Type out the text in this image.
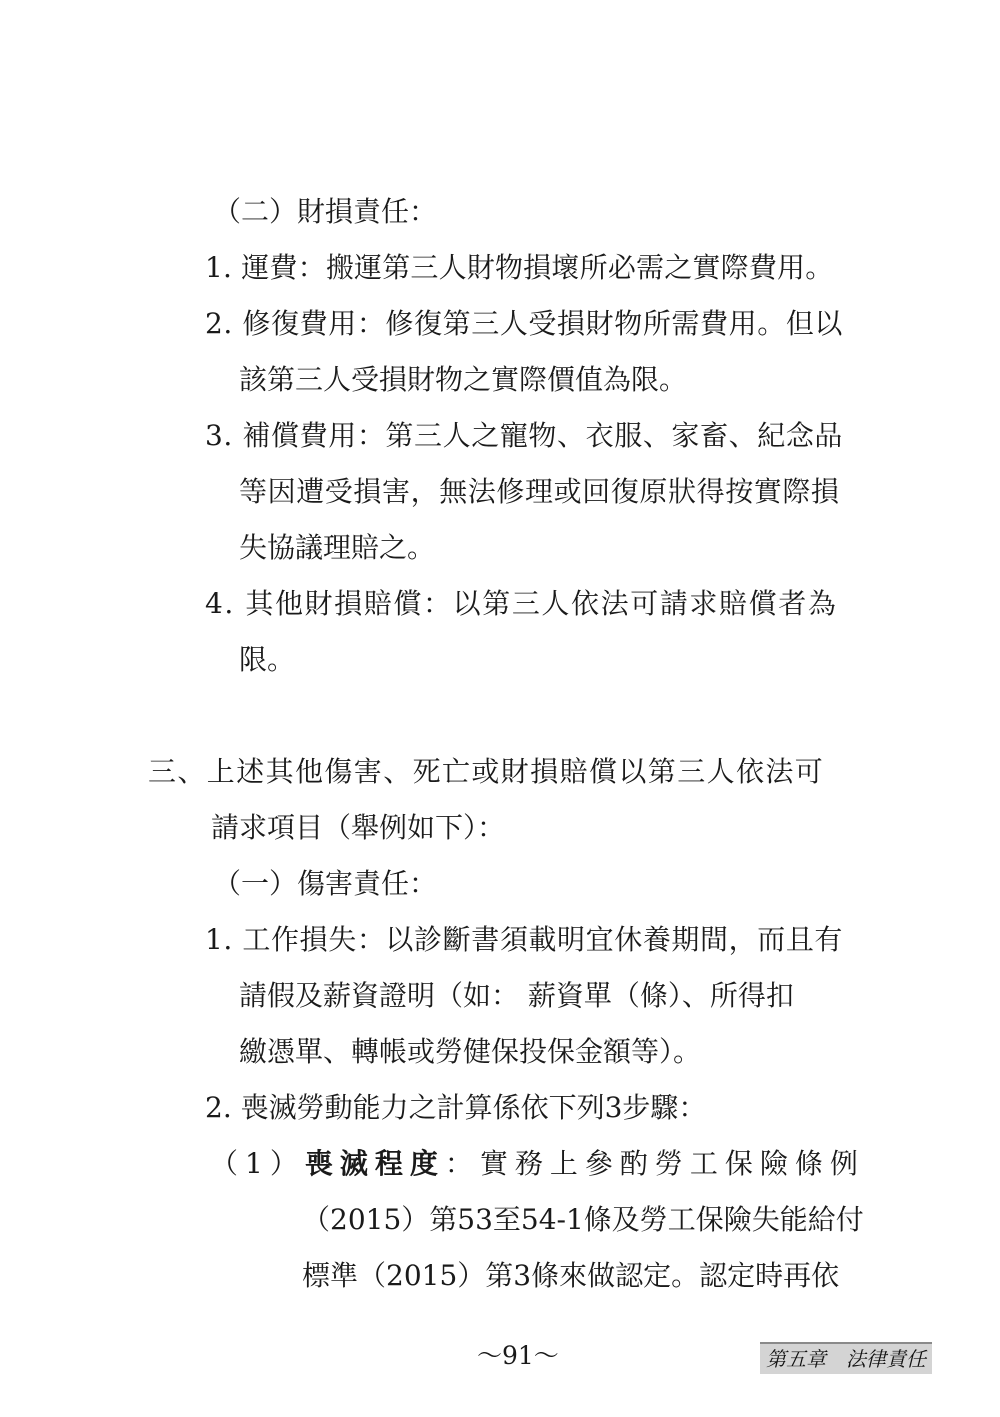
（二）財損責任：
1. 運費：搬運第三人財物損壞所必需之實際費用。
2. 修復費用：修復第三人受損財物所需費用。但以
該第三人受損財物之實際價值為限。
3. 補償費用：第三人之寵物、衣服、家畜、紀念品
等因遭受損害，無法修理或回復原狀得按實際損
失協議理賠之。
4. 其他財損賠償：以第三人依法可請求賠償者為
限。
三、上述其他傷害、死亡或財損賠償以第三人依法可
請求項目（舉例如下）：
（一）傷害責任：
1. 工作損失：以診斷書須載明宜休養期間，而且有
請假及薪資證明（如： 薪資單（條）、所得扣
繳憑單、轉帳或勞健保投保金額等）。
2. 喪滅勞動能力之計算係依下列3步驟：
（1）喪滅程度：實務上參酌勞工保險條例
（2015）第53至54-1條及勞工保險失能給付
標準（2015）第3條來做認定。認定時再依
～91～	第五章　法律責任
